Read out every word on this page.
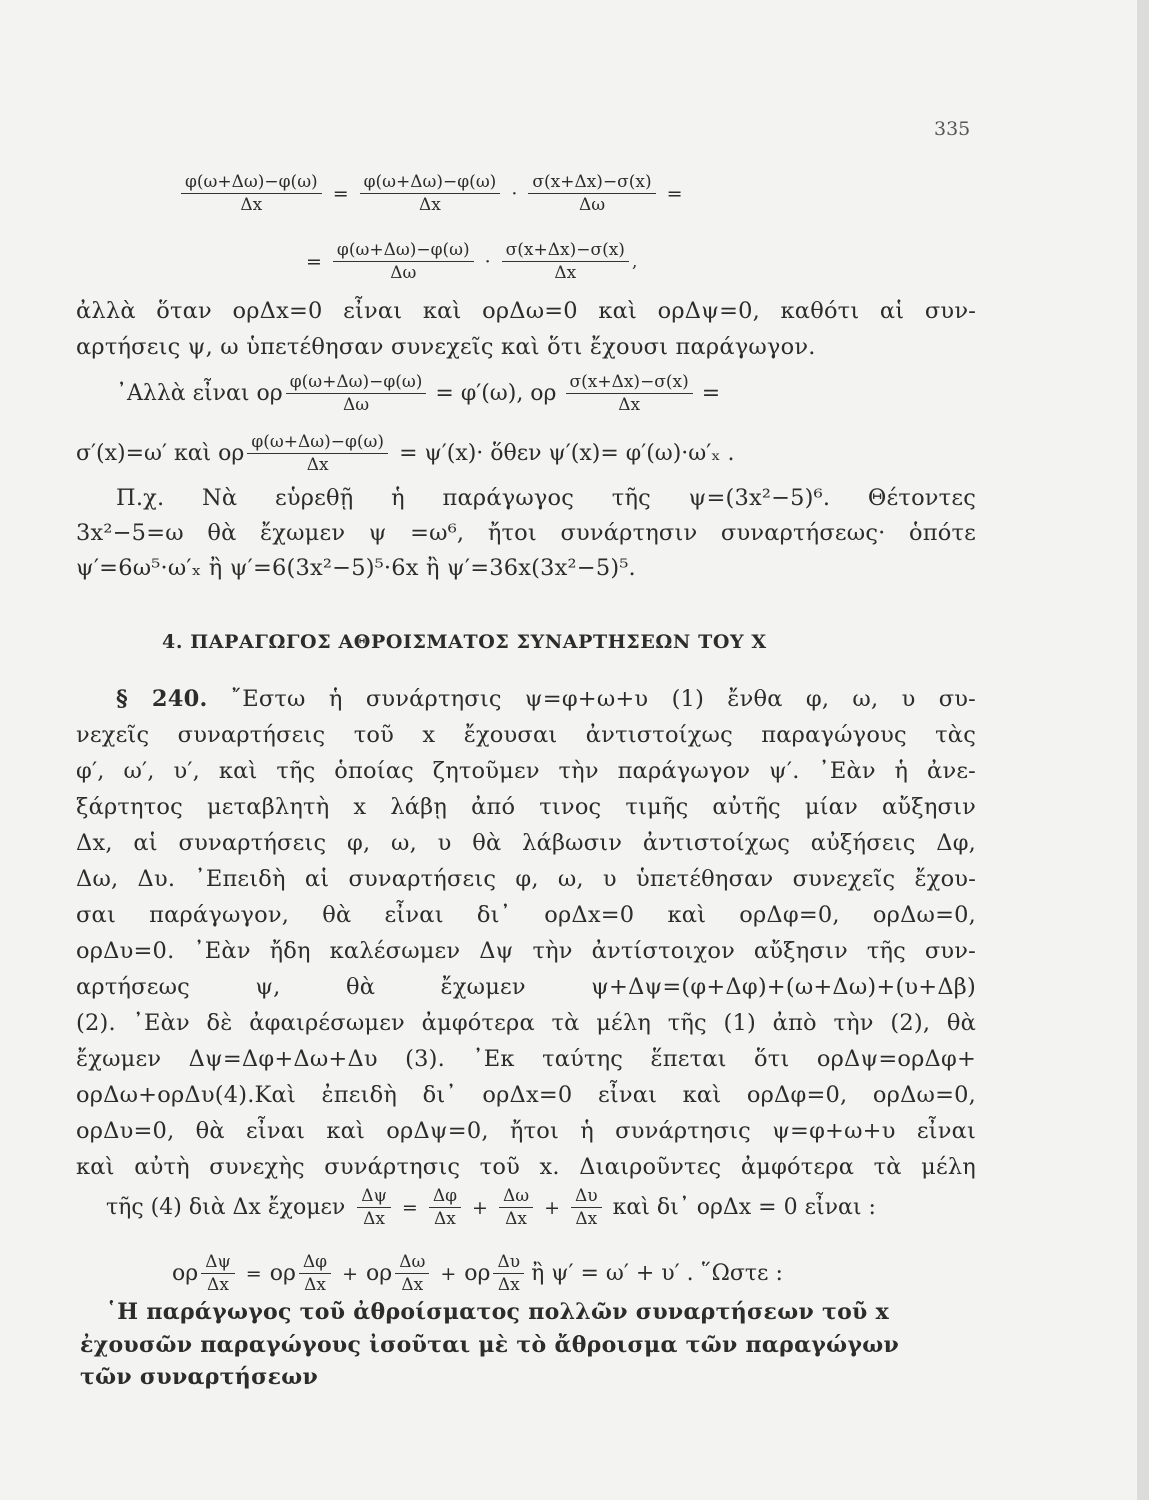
335
$\frac{\varphi(\omega+\Delta\omega)-\varphi(\omega)}{\Delta x} = \frac{\varphi(\omega+\Delta\omega)-\varphi(\omega)}{\Delta x} \cdot \frac{\sigma(x+\Delta x)-\sigma(x)}{\Delta\omega}$ =
= $\frac{\varphi(\omega+\Delta\omega)-\varphi(\omega)}{\Delta\omega} \cdot \frac{\sigma(x+\Delta x)-\sigma(x)}{\Delta x}$ ,
ἀλλὰ ὅταν ορΔx=0 εἶναι καὶ ορΔω=0 καὶ ορΔψ=0, καθότι αἱ συν-
αρτήσεις ψ, ω ὑπετέθησαν συνεχεῖς καὶ ὅτι ἔχουσι παράγωγον.
᾿Αλλὰ εἶναι ορ $\frac{\varphi(\omega+\Delta\omega)-\varphi(\omega)}{\Delta\omega} = \varphi'(\omega)$, ορ $\frac{\sigma(x+\Delta x)-\sigma(x)}{\Delta x}$ =
σ′(x)=ω′ καὶ ορ $\frac{\varphi(\omega+\Delta\omega)-\varphi(\omega)}{\Delta x} = \psi'(x)\cdot$ ὅθεν ψ′(x)= φ′(ω)·ω′ₓ .
Π.χ. Νὰ εὑρεθῇ ἡ παράγωγος τῆς ψ=(3x²−5)⁶. Θέτοντες
3x²−5=ω θὰ ἔχωμεν ψ =ω⁶, ἤτοι συνάρτησιν συναρτήσεως· ὁπότε
ψ′=6ω⁵·ω′ₓ ἢ ψ′=6(3x²−5)⁵·6x ἢ ψ′=36x(3x²−5)⁵.
4. ΠΑΡΑΓΩΓΟΣ ΑΘΡΟΙΣΜΑΤΟΣ ΣΥΝΑΡΤΗΣΕΩΝ ΤΟΥ Χ
§ 240. ῎Εστω ἡ συνάρτησις ψ=φ+ω+υ (1) ἔνθα φ, ω, υ συ-
νεχεῖς συναρτήσεις τοῦ x ἔχουσαι ἀντιστοίχως παραγώγους τὰς
φ′, ω′, υ′, καὶ τῆς ὁποίας ζητοῦμεν τὴν παράγωγον ψ′. ᾿Εὰν ἡ ἀνε-
ξάρτητος μεταβλητὴ x λάβῃ ἀπό τινος τιμῆς αὐτῆς μίαν αὔξησιν
Δx, αἱ συναρτήσεις φ, ω, υ θὰ λάβωσιν ἀντιστοίχως αὐξήσεις Δφ,
Δω, Δυ. ᾿Επειδὴ αἱ συναρτήσεις φ, ω, υ ὑπετέθησαν συνεχεῖς ἔχου-
σαι παράγωγον, θὰ εἶναι δι᾿ ορΔx=0 καὶ ορΔφ=0, ορΔω=0,
ορΔυ=0. ᾿Εὰν ἤδη καλέσωμεν Δψ τὴν ἀντίστοιχον αὔξησιν τῆς συν-
αρτήσεως ψ, θὰ ἔχωμεν ψ+Δψ=(φ+Δφ)+(ω+Δω)+(υ+Δβ)
(2). ᾿Εὰν δὲ ἀφαιρέσωμεν ἀμφότερα τὰ μέλη τῆς (1) ἀπὸ τὴν (2), θὰ
ἔχωμεν Δψ=Δφ+Δω+Δυ (3). ᾿Εκ ταύτης ἕπεται ὅτι ορΔψ=ορΔφ+
ορΔω+ορΔυ(4).Καὶ ἐπειδὴ δι᾿ ορΔx=0 εἶναι καὶ ορΔφ=0, ορΔω=0,
ορΔυ=0, θὰ εἶναι καὶ ορΔψ=0, ἤτοι ἡ συνάρτησις ψ=φ+ω+υ εἶναι
καὶ αὐτὴ συνεχὴς συνάρτησις τοῦ x. Διαιροῦντες ἀμφότερα τὰ μέλη
τῆς (4) διὰ Δx ἔχομεν $\frac{\Delta\psi}{\Delta x} = \frac{\Delta\varphi}{\Delta x} + \frac{\Delta\omega}{\Delta x} + \frac{\Delta\upsilon}{\Delta x}$ καὶ δι᾿ ορΔx = 0 εἶναι :
ορ $\frac{\Delta\psi}{\Delta x} = o\rho \frac{\Delta\varphi}{\Delta x} + o\rho \frac{\Delta\omega}{\Delta x} + o\rho \frac{\Delta\upsilon}{\Delta x}$ ἢ ψ′ = ω′ + υ′ . ῞Ωστε :
῾Η παράγωγος τοῦ ἀθροίσματος πολλῶν συναρτήσεων τοῦ x
ἐχουσῶν παραγώγους ἰσοῦται μὲ τὸ ἄθροισμα τῶν παραγώγων
τῶν συναρτήσεων
